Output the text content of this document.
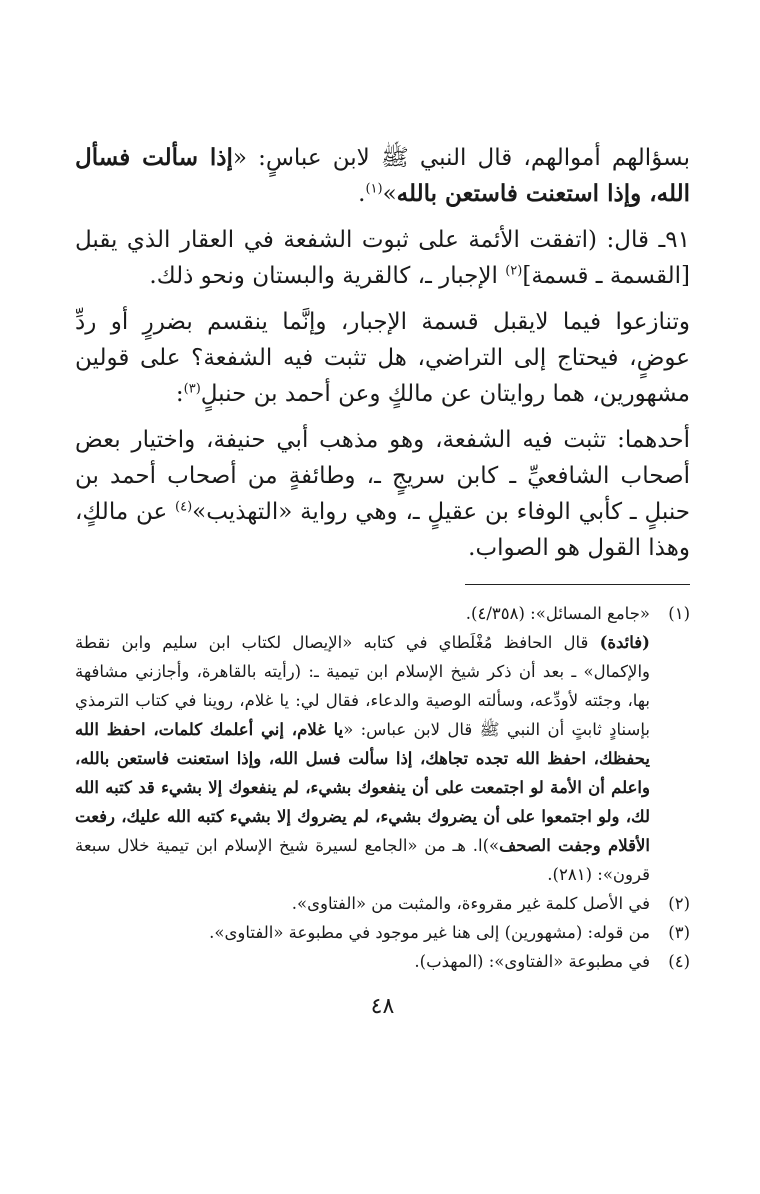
بسؤالهم أموالهم، قال النبي ﷺ لابن عباسٍ: «إذا سألت فسأل الله، وإذا استعنت فاستعن بالله»$^{(١)}$.

٩١ـ قال: (اتفقت الأئمة على ثبوت الشفعة في العقار الذي يقبل [القسمة ـ قسمة]$^{(٢)}$ الإجبار ـ، كالقرية والبستان ونحو ذلك.

وتنازعوا فيما لايقبل قسمة الإجبار، وإنَّما ينقسم بضررٍ أو ردِّ عوضٍ، فيحتاج إلى التراضي، هل تثبت فيه الشفعة؟ على قولين مشهورين، هما روايتان عن مالكٍ وعن أحمد بن حنبلٍ$^{(٣)}$:

أحدهما: تثبت فيه الشفعة، وهو مذهب أبي حنيفة، واختيار بعض أصحاب الشافعيِّ ـ كابن سريجٍ ـ، وطائفةٍ من أصحاب أحمد بن حنبلٍ ـ كأبي الوفاء بن عقيلٍ ـ، وهي رواية «التهذيب»$^{(٤)}$ عن مالكٍ، وهذا القول هو الصواب.

(١)

«جامع المسائل»: (٤/٣٥٨).

(فائدة) قال الحافظ مُغْلَطاي في كتابه «الإيصال لكتاب ابن سليم وابن نقطة والإكمال» ـ بعد أن ذكر شيخ الإسلام ابن تيمية ـ: (رأيته بالقاهرة، وأجازني مشافهة بها، وجئته لأودِّعه، وسألته الوصية والدعاء، فقال لي: يا غلام، روينا في كتاب الترمذي بإسنادٍ ثابتٍ أن النبي ﷺ قال لابن عباس: «يا غلام، إني أعلمك كلمات، احفظ الله يحفظك، احفظ الله تجده تجاهك، إذا سألت فسل الله، وإذا استعنت فاستعن بالله، واعلم أن الأمة لو اجتمعت على أن ينفعوك بشيء، لم ينفعوك إلا بشيء قد كتبه الله لك، ولو اجتمعوا على أن يضروك بشيء، لم يضروك إلا بشيء كتبه الله عليك، رفعت الأقلام وجفت الصحف»)ا. هـ من «الجامع لسيرة شيخ الإسلام ابن تيمية خلال سبعة قرون»: (٢٨١).

(٢)

في الأصل كلمة غير مقروءة، والمثبت من «الفتاوى».

(٣)

من قوله: (مشهورين) إلى هنا غير موجود في مطبوعة «الفتاوى».

(٤)

في مطبوعة «الفتاوى»: (المهذب).

٤٨
